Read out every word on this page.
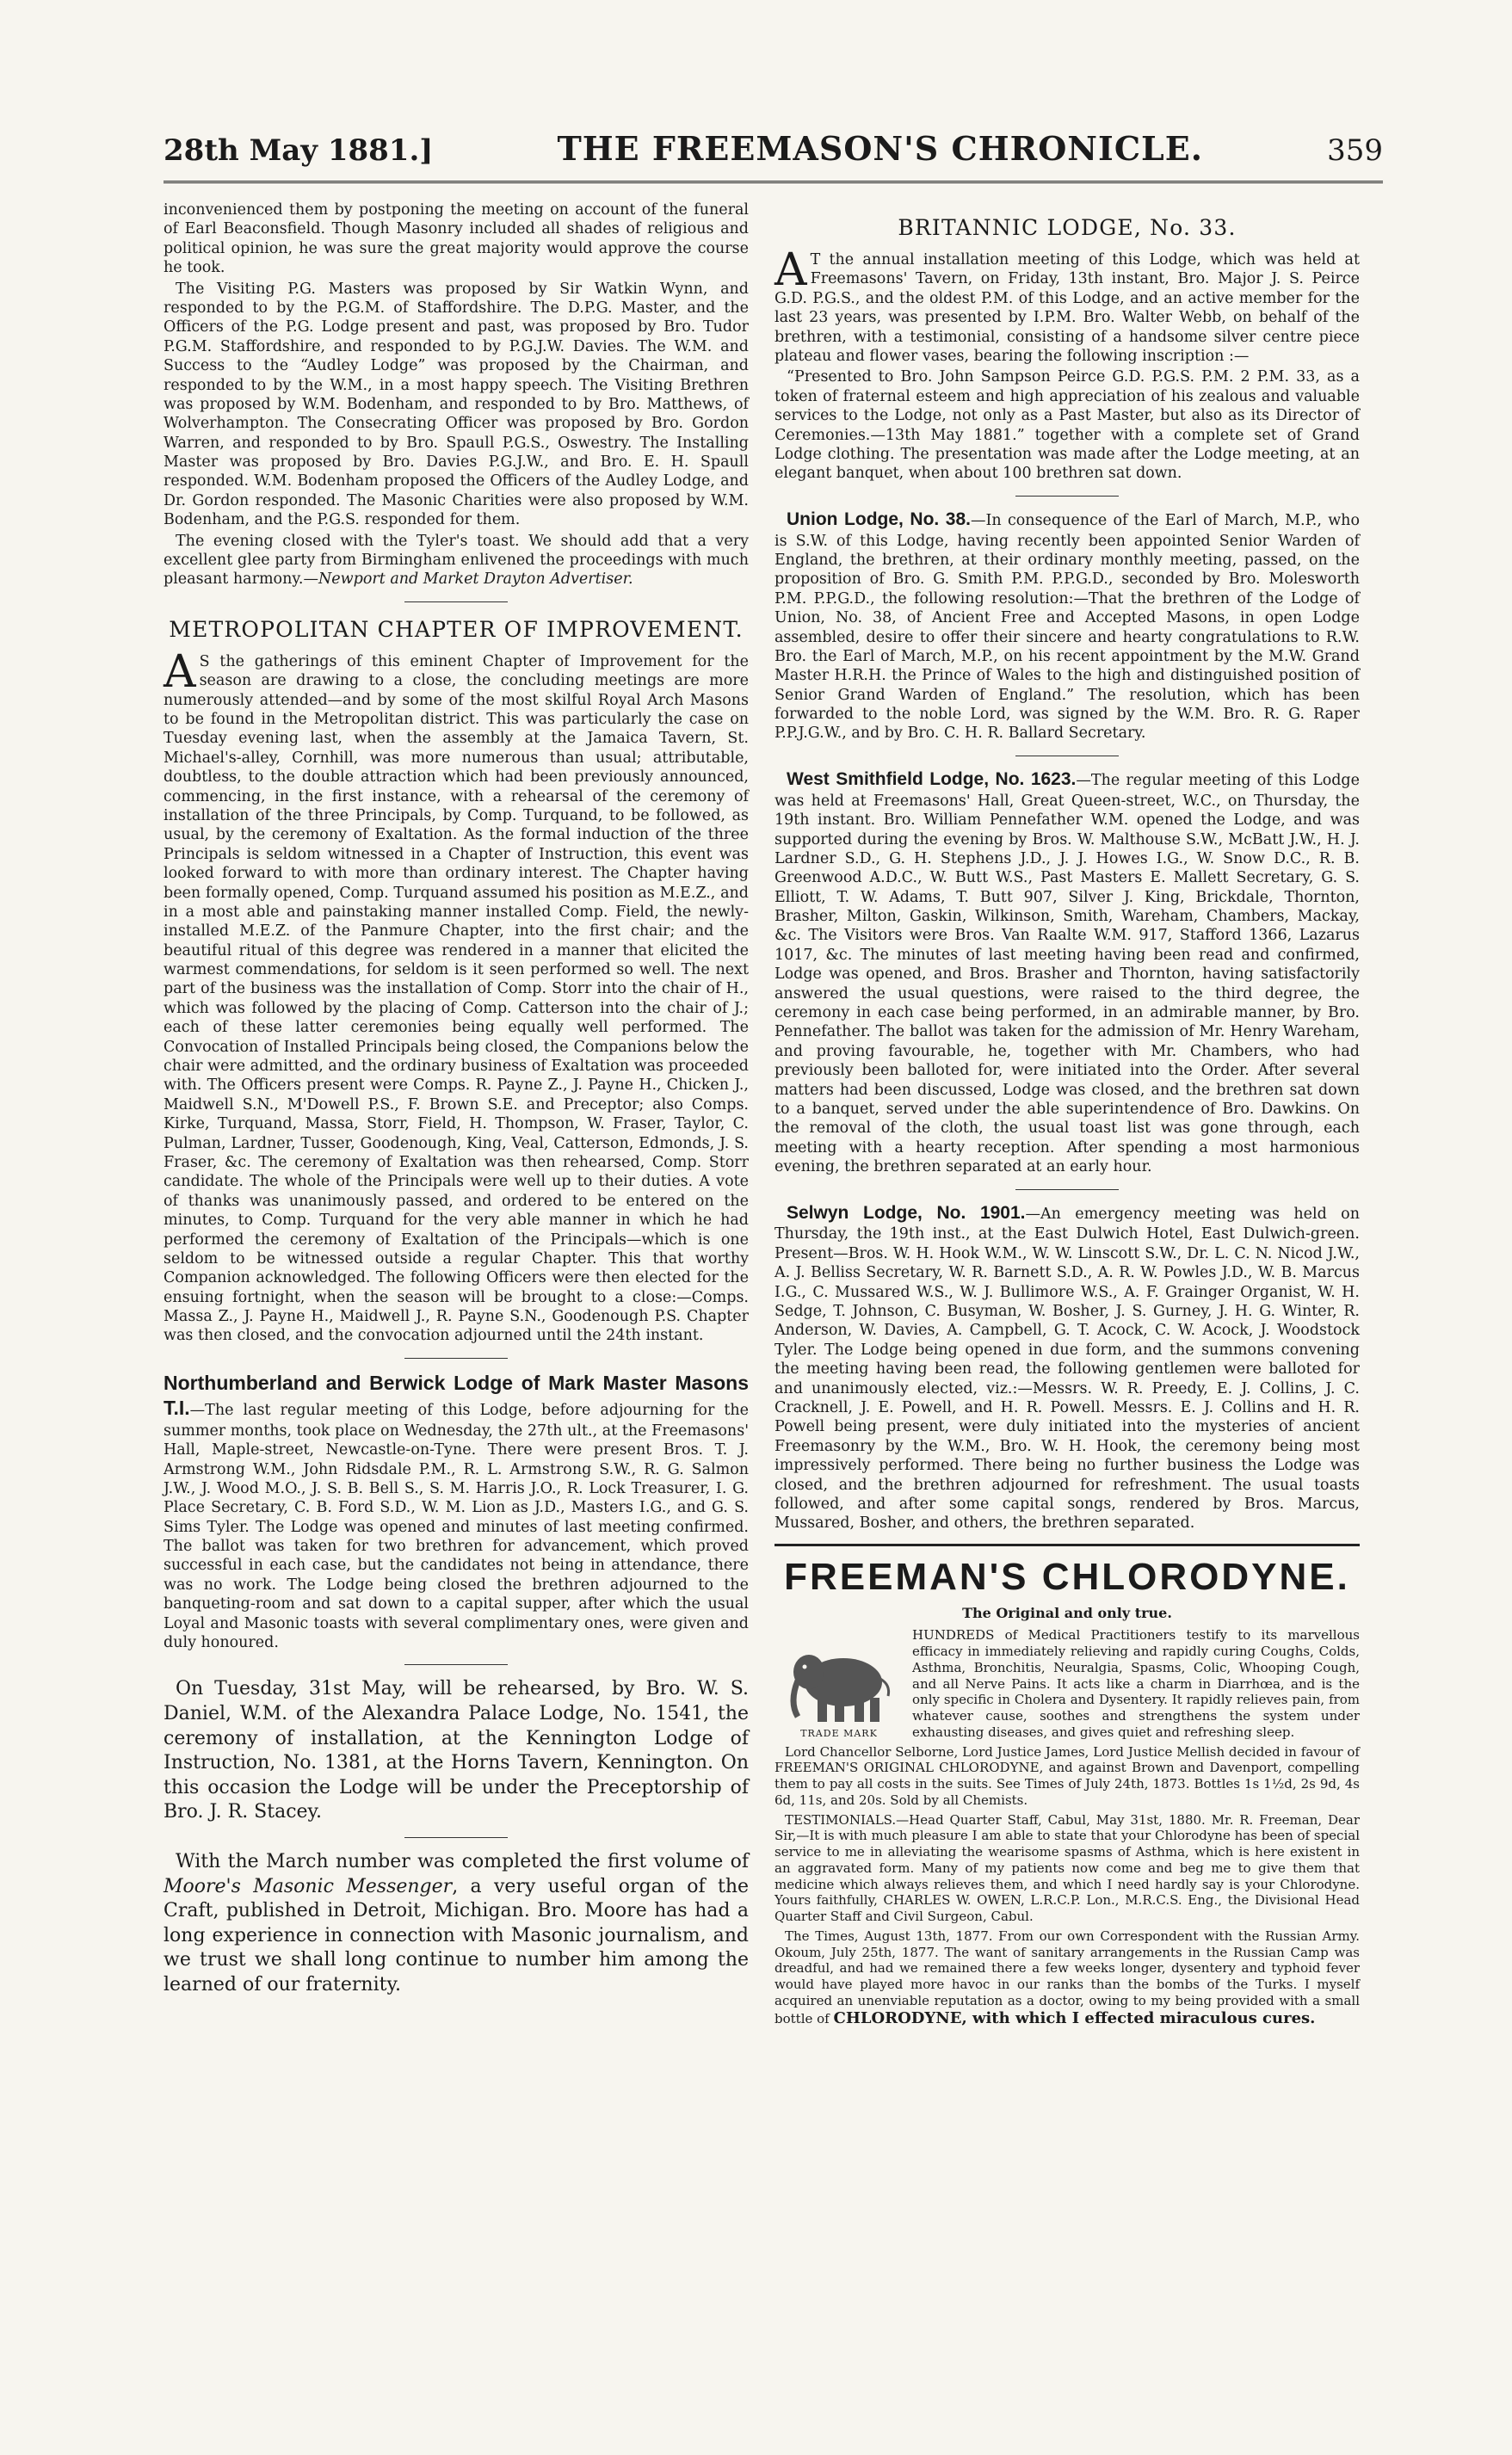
28th May 1881.]	THE FREEMASON'S CHRONICLE.	359

inconvenienced them by postponing the meeting on account of the funeral of Earl Beaconsfield. Though Masonry included all shades of religious and political opinion, he was sure the great majority would approve the course he took.

The Visiting P.G. Masters was proposed by Sir Watkin Wynn, and responded to by the P.G.M. of Staffordshire. The D.P.G. Master, and the Officers of the P.G. Lodge present and past, was proposed by Bro. Tudor P.G.M. Staffordshire, and responded to by P.G.J.W. Davies. The W.M. and Success to the “Audley Lodge” was proposed by the Chairman, and responded to by the W.M., in a most happy speech. The Visiting Brethren was proposed by W.M. Bodenham, and responded to by Bro. Matthews, of Wolverhampton. The Consecrating Officer was proposed by Bro. Gordon Warren, and responded to by Bro. Spaull P.G.S., Oswestry. The Installing Master was proposed by Bro. Davies P.G.J.W., and Bro. E. H. Spaull responded. W.M. Bodenham proposed the Officers of the Audley Lodge, and Dr. Gordon responded. The Masonic Charities were also proposed by W.M. Bodenham, and the P.G.S. responded for them.

The evening closed with the Tyler's toast. We should add that a very excellent glee party from Birmingham enlivened the proceedings with much pleasant harmony.—Newport and Market Drayton Advertiser.

METROPOLITAN CHAPTER OF IMPROVEMENT.

AS the gatherings of this eminent Chapter of Improvement for the season are drawing to a close, the concluding meetings are more numerously attended—and by some of the most skilful Royal Arch Masons to be found in the Metropolitan district. This was particularly the case on Tuesday evening last, when the assembly at the Jamaica Tavern, St. Michael's-alley, Cornhill, was more numerous than usual; attributable, doubtless, to the double attraction which had been previously announced, commencing, in the first instance, with a rehearsal of the ceremony of installation of the three Principals, by Comp. Turquand, to be followed, as usual, by the ceremony of Exaltation. As the formal induction of the three Principals is seldom witnessed in a Chapter of Instruction, this event was looked forward to with more than ordinary interest. The Chapter having been formally opened, Comp. Turquand assumed his position as M.E.Z., and in a most able and painstaking manner installed Comp. Field, the newly-installed M.E.Z. of the Panmure Chapter, into the first chair; and the beautiful ritual of this degree was rendered in a manner that elicited the warmest commendations, for seldom is it seen performed so well. The next part of the business was the installation of Comp. Storr into the chair of H., which was followed by the placing of Comp. Catterson into the chair of J.; each of these latter ceremonies being equally well performed. The Convocation of Installed Principals being closed, the Companions below the chair were admitted, and the ordinary business of Exaltation was proceeded with. The Officers present were Comps. R. Payne Z., J. Payne H., Chicken J., Maidwell S.N., M'Dowell P.S., F. Brown S.E. and Preceptor; also Comps. Kirke, Turquand, Massa, Storr, Field, H. Thompson, W. Fraser, Taylor, C. Pulman, Lardner, Tusser, Goodenough, King, Veal, Catterson, Edmonds, J. S. Fraser, &c. The ceremony of Exaltation was then rehearsed, Comp. Storr candidate. The whole of the Principals were well up to their duties. A vote of thanks was unanimously passed, and ordered to be entered on the minutes, to Comp. Turquand for the very able manner in which he had performed the ceremony of Exaltation of the Principals—which is one seldom to be witnessed outside a regular Chapter. This that worthy Companion acknowledged. The following Officers were then elected for the ensuing fortnight, when the season will be brought to a close:—Comps. Massa Z., J. Payne H., Maidwell J., R. Payne S.N., Goodenough P.S. Chapter was then closed, and the convocation adjourned until the 24th instant.

Northumberland and Berwick Lodge of Mark Master Masons T.I.—The last regular meeting of this Lodge, before adjourning for the summer months, took place on Wednesday, the 27th ult., at the Freemasons' Hall, Maple-street, Newcastle-on-Tyne. There were present Bros. T. J. Armstrong W.M., John Ridsdale P.M., R. L. Armstrong S.W., R. G. Salmon J.W., J. Wood M.O., J. S. B. Bell S., S. M. Harris J.O., R. Lock Treasurer, I. G. Place Secretary, C. B. Ford S.D., W. M. Lion as J.D., Masters I.G., and G. S. Sims Tyler. The Lodge was opened and minutes of last meeting confirmed. The ballot was taken for two brethren for advancement, which proved successful in each case, but the candidates not being in attendance, there was no work. The Lodge being closed the brethren adjourned to the banqueting-room and sat down to a capital supper, after which the usual Loyal and Masonic toasts with several complimentary ones, were given and duly honoured.

On Tuesday, 31st May, will be rehearsed, by Bro. W. S. Daniel, W.M. of the Alexandra Palace Lodge, No. 1541, the ceremony of installation, at the Kennington Lodge of Instruction, No. 1381, at the Horns Tavern, Kennington. On this occasion the Lodge will be under the Preceptorship of Bro. J. R. Stacey.

With the March number was completed the first volume of Moore's Masonic Messenger, a very useful organ of the Craft, published in Detroit, Michigan. Bro. Moore has had a long experience in connection with Masonic journalism, and we trust we shall long continue to number him among the learned of our fraternity.

BRITANNIC LODGE, No. 33.

AT the annual installation meeting of this Lodge, which was held at Freemasons' Tavern, on Friday, 13th instant, Bro. Major J. S. Peirce G.D. P.G.S., and the oldest P.M. of this Lodge, and an active member for the last 23 years, was presented by I.P.M. Bro. Walter Webb, on behalf of the brethren, with a testimonial, consisting of a handsome silver centre piece plateau and flower vases, bearing the following inscription :—

“Presented to Bro. John Sampson Peirce G.D. P.G.S. P.M. 2 P.M. 33, as a token of fraternal esteem and high appreciation of his zealous and valuable services to the Lodge, not only as a Past Master, but also as its Director of Ceremonies.—13th May 1881.” together with a complete set of Grand Lodge clothing. The presentation was made after the Lodge meeting, at an elegant banquet, when about 100 brethren sat down.

Union Lodge, No. 38.—In consequence of the Earl of March, M.P., who is S.W. of this Lodge, having recently been appointed Senior Warden of England, the brethren, at their ordinary monthly meeting, passed, on the proposition of Bro. G. Smith P.M. P.P.G.D., seconded by Bro. Molesworth P.M. P.P.G.D., the following resolution:—That the brethren of the Lodge of Union, No. 38, of Ancient Free and Accepted Masons, in open Lodge assembled, desire to offer their sincere and hearty congratulations to R.W. Bro. the Earl of March, M.P., on his recent appointment by the M.W. Grand Master H.R.H. the Prince of Wales to the high and distinguished position of Senior Grand Warden of England.” The resolution, which has been forwarded to the noble Lord, was signed by the W.M. Bro. R. G. Raper P.P.J.G.W., and by Bro. C. H. R. Ballard Secretary.

West Smithfield Lodge, No. 1623.—The regular meeting of this Lodge was held at Freemasons' Hall, Great Queen-street, W.C., on Thursday, the 19th instant. Bro. William Pennefather W.M. opened the Lodge, and was supported during the evening by Bros. W. Malthouse S.W., McBatt J.W., H. J. Lardner S.D., G. H. Stephens J.D., J. J. Howes I.G., W. Snow D.C., R. B. Greenwood A.D.C., W. Butt W.S., Past Masters E. Mallett Secretary, G. S. Elliott, T. W. Adams, T. Butt 907, Silver J. King, Brickdale, Thornton, Brasher, Milton, Gaskin, Wilkinson, Smith, Wareham, Chambers, Mackay, &c. The Visitors were Bros. Van Raalte W.M. 917, Stafford 1366, Lazarus 1017, &c. The minutes of last meeting having been read and confirmed, Lodge was opened, and Bros. Brasher and Thornton, having satisfactorily answered the usual questions, were raised to the third degree, the ceremony in each case being performed, in an admirable manner, by Bro. Pennefather. The ballot was taken for the admission of Mr. Henry Wareham, and proving favourable, he, together with Mr. Chambers, who had previously been balloted for, were initiated into the Order. After several matters had been discussed, Lodge was closed, and the brethren sat down to a banquet, served under the able superintendence of Bro. Dawkins. On the removal of the cloth, the usual toast list was gone through, each meeting with a hearty reception. After spending a most harmonious evening, the brethren separated at an early hour.

Selwyn Lodge, No. 1901.—An emergency meeting was held on Thursday, the 19th inst., at the East Dulwich Hotel, East Dulwich-green. Present—Bros. W. H. Hook W.M., W. W. Linscott S.W., Dr. L. C. N. Nicod J.W., A. J. Belliss Secretary, W. R. Barnett S.D., A. R. W. Powles J.D., W. B. Marcus I.G., C. Mussared W.S., W. J. Bullimore W.S., A. F. Grainger Organist, W. H. Sedge, T. Johnson, C. Busyman, W. Bosher, J. S. Gurney, J. H. G. Winter, R. Anderson, W. Davies, A. Campbell, G. T. Acock, C. W. Acock, J. Woodstock Tyler. The Lodge being opened in due form, and the summons convening the meeting having been read, the following gentlemen were balloted for and unanimously elected, viz.:—Messrs. W. R. Preedy, E. J. Collins, J. C. Cracknell, J. E. Powell, and H. R. Powell. Messrs. E. J. Collins and H. R. Powell being present, were duly initiated into the mysteries of ancient Freemasonry by the W.M., Bro. W. H. Hook, the ceremony being most impressively performed. There being no further business the Lodge was closed, and the brethren adjourned for refreshment. The usual toasts followed, and after some capital songs, rendered by Bros. Marcus, Mussared, Bosher, and others, the brethren separated.

FREEMAN'S CHLORODYNE.
The Original and only true.
TRADE MARK

HUNDREDS of Medical Practitioners testify to its marvellous efficacy in immediately relieving and rapidly curing Coughs, Colds, Asthma, Bronchitis, Neuralgia, Spasms, Colic, Whooping Cough, and all Nerve Pains. It acts like a charm in Diarrhœa, and is the only specific in Cholera and Dysentery. It rapidly relieves pain, from whatever cause, soothes and strengthens the system under exhausting diseases, and gives quiet and refreshing sleep.

Lord Chancellor Selborne, Lord Justice James, Lord Justice Mellish decided in favour of FREEMAN'S ORIGINAL CHLORODYNE, and against Brown and Davenport, compelling them to pay all costs in the suits. See Times of July 24th, 1873. Bottles 1s 1½d, 2s 9d, 4s 6d, 11s, and 20s. Sold by all Chemists.

TESTIMONIALS.—Head Quarter Staff, Cabul, May 31st, 1880. Mr. R. Freeman, Dear Sir,—It is with much pleasure I am able to state that your Chlorodyne has been of special service to me in alleviating the wearisome spasms of Asthma, which is here existent in an aggravated form. Many of my patients now come and beg me to give them that medicine which always relieves them, and which I need hardly say is your Chlorodyne. Yours faithfully, CHARLES W. OWEN, L.R.C.P. Lon., M.R.C.S. Eng., the Divisional Head Quarter Staff and Civil Surgeon, Cabul.

The Times, August 13th, 1877. From our own Correspondent with the Russian Army. Okoum, July 25th, 1877. The want of sanitary arrangements in the Russian Camp was dreadful, and had we remained there a few weeks longer, dysentery and typhoid fever would have played more havoc in our ranks than the bombs of the Turks. I myself acquired an unenviable reputation as a doctor, owing to my being provided with a small bottle of CHLORODYNE, with which I effected miraculous cures.
